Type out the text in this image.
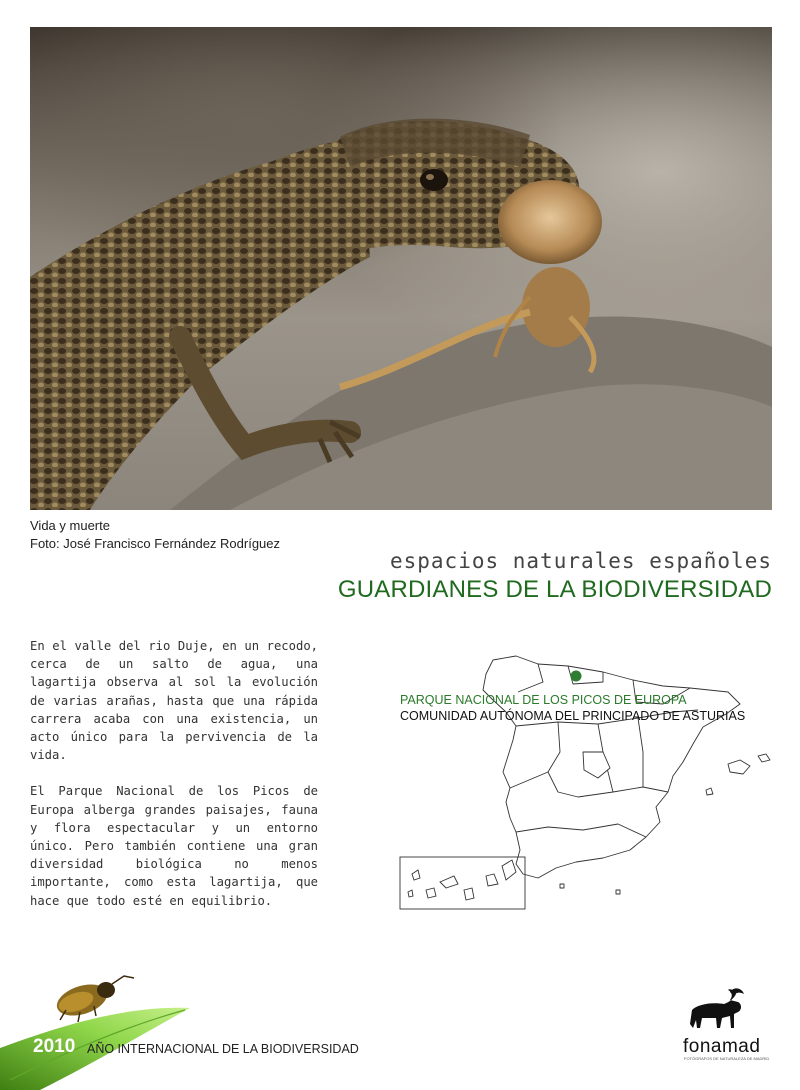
Vida y muerte
Foto: José Francisco Fernández Rodríguez
espacios naturales españoles
GUARDIANES DE LA BIODIVERSIDAD

En el valle del rio Duje, en un recodo, cerca de un salto de agua, una lagartija observa al sol la evolución de varias arañas, hasta que una rápida carrera acaba con una existencia, un acto único para la pervivencia de la vida.

El Parque Nacional de los Picos de Europa alberga grandes paisajes, fauna y flora espectacular y un entorno único. Pero también contiene una gran diversidad biológica no menos importante, como esta lagartija, que hace que todo esté en equilibrio.

PARQUE NACIONAL DE LOS PICOS DE EUROPA
COMUNIDAD AUTÓNOMA DEL PRINCIPADO DE ASTURIAS
2010 AÑO INTERNACIONAL DE LA BIODIVERSIDAD	fonamad
FOTÓGRAFOS DE NATURALEZA DE MADRID
